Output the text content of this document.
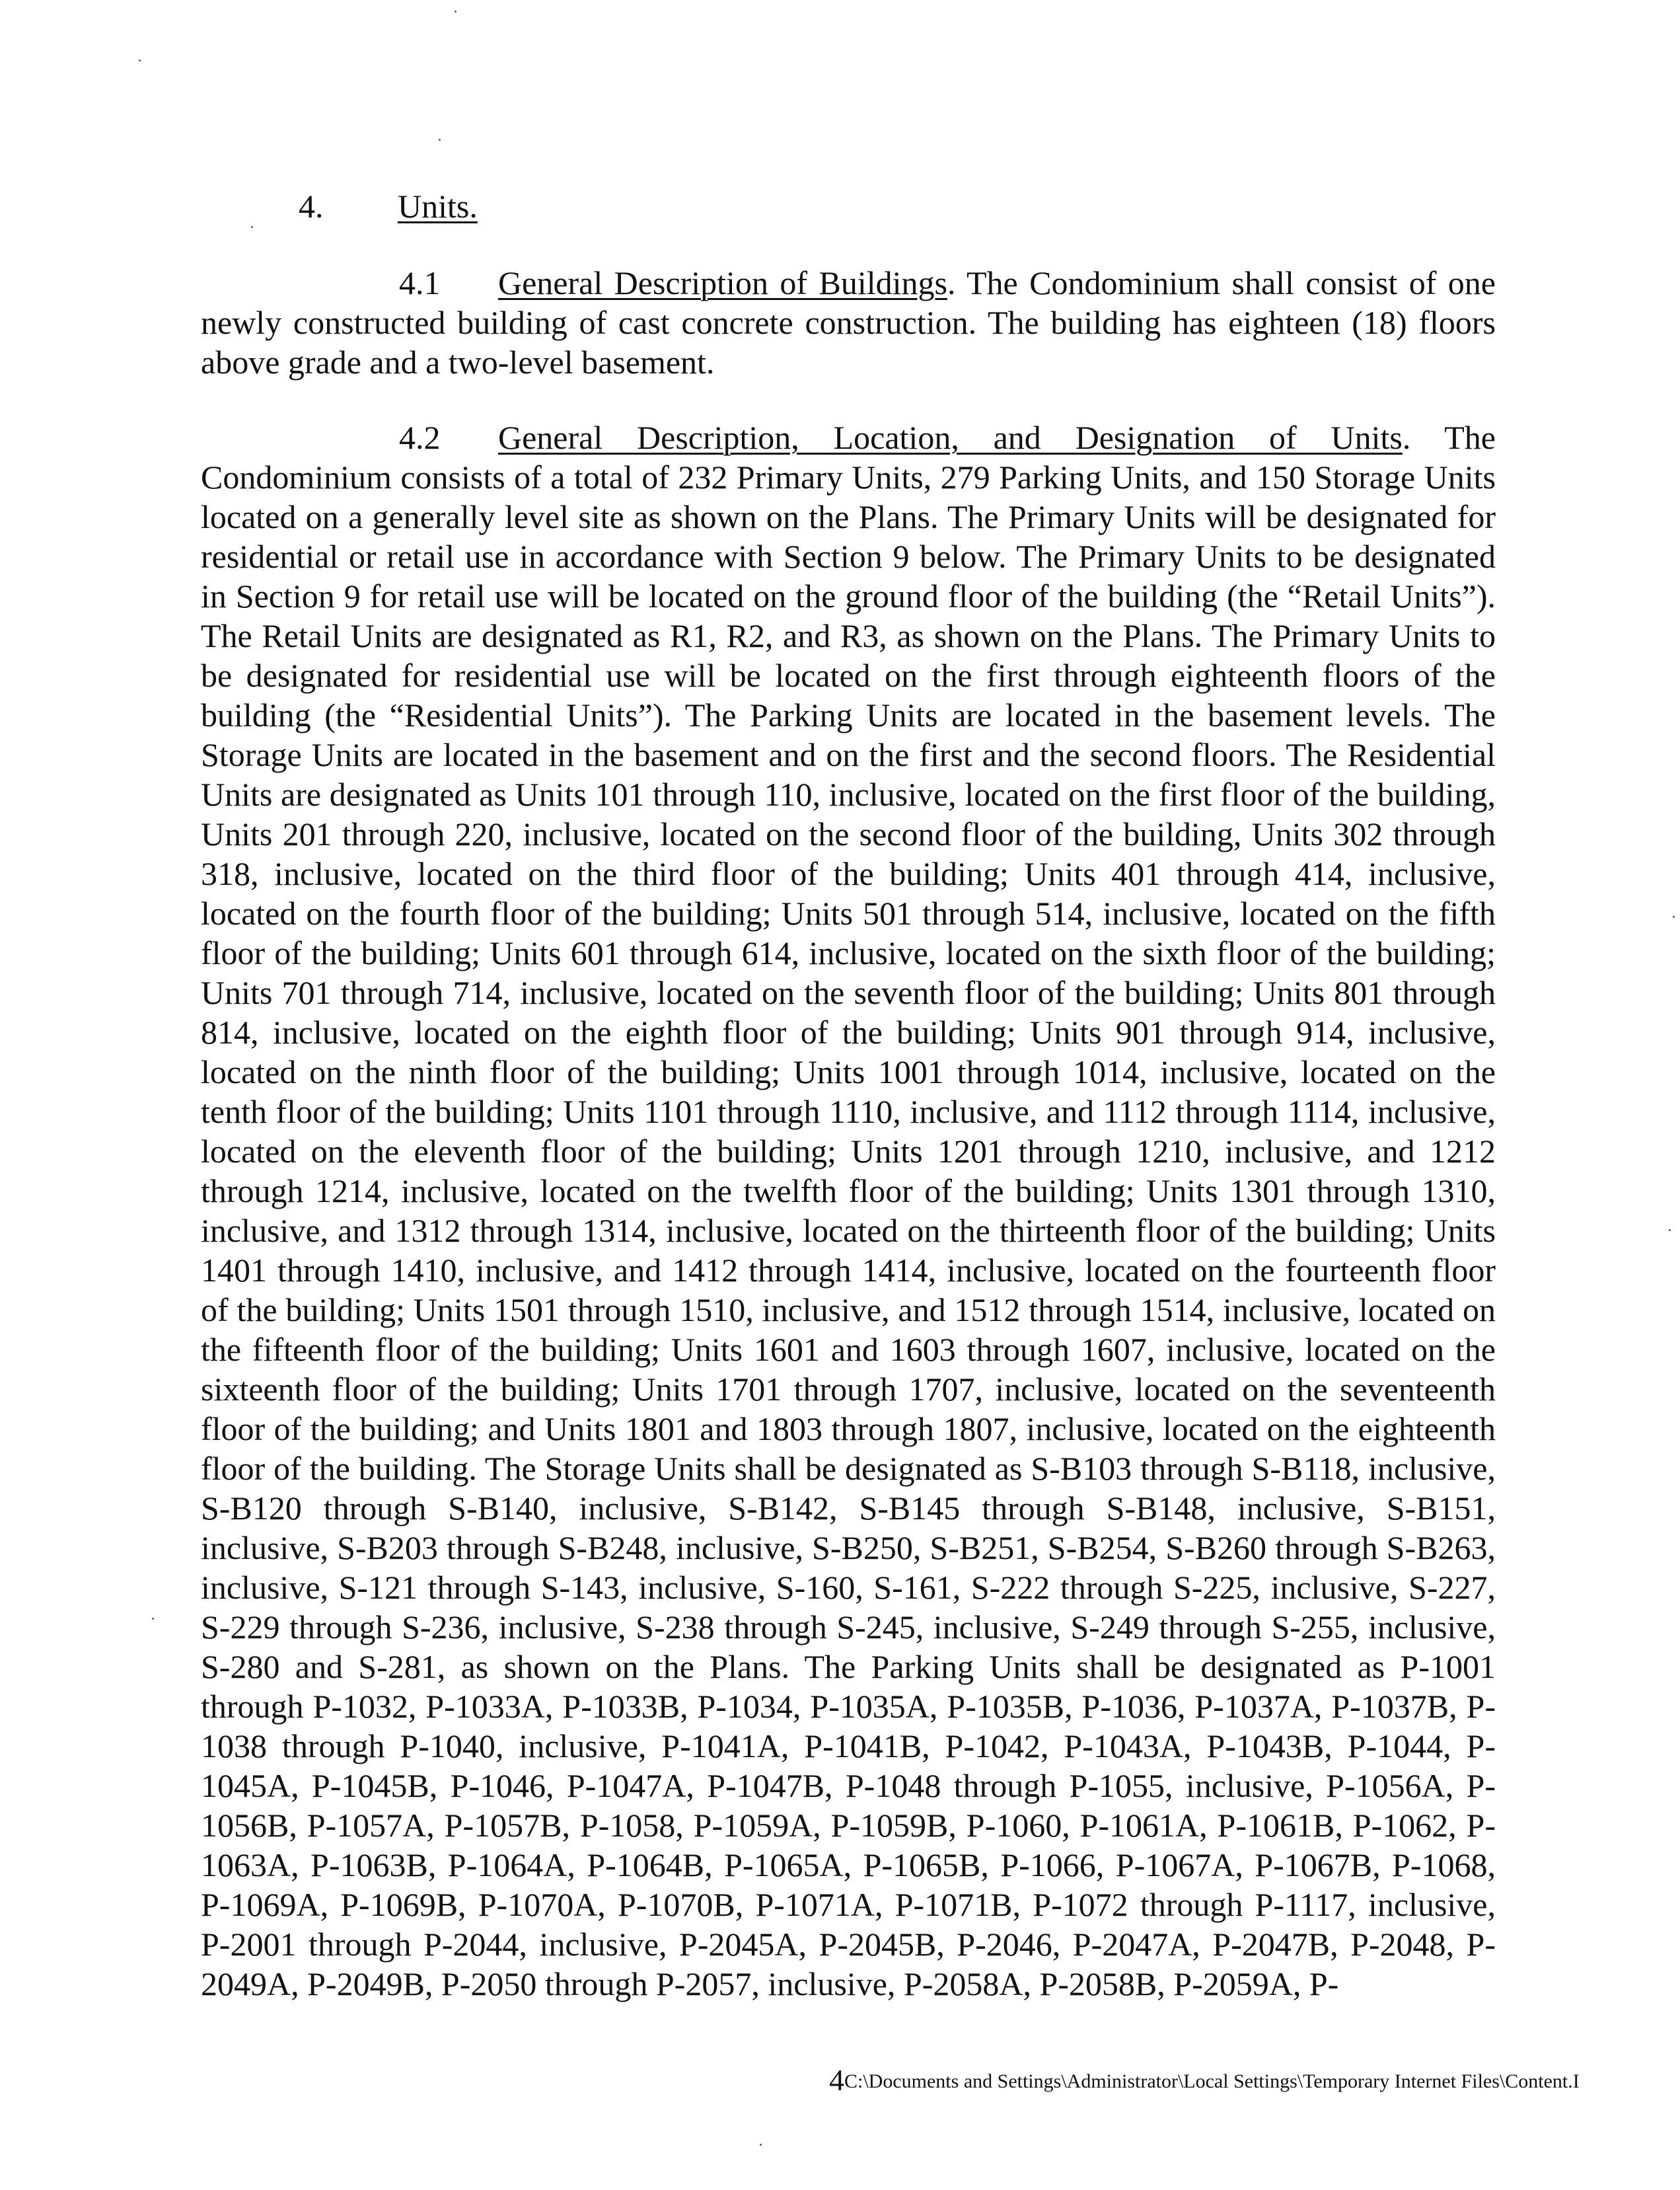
4. Units.

4.1 General Description of Buildings. The Condominium shall consist of one newly constructed building of cast concrete construction. The building has eighteen (18) floors above grade and a two-level basement.

4.2 General Description, Location, and Designation of Units. The Condominium consists of a total of 232 Primary Units, 279 Parking Units, and 150 Storage Units located on a generally level site as shown on the Plans. The Primary Units will be designated for residential or retail use in accordance with Section 9 below. The Primary Units to be designated in Section 9 for retail use will be located on the ground floor of the building (the “Retail Units”). The Retail Units are designated as R1, R2, and R3, as shown on the Plans. The Primary Units to be designated for residential use will be located on the first through eighteenth floors of the building (the “Residential Units”). The Parking Units are located in the basement levels. The Storage Units are located in the basement and on the first and the second floors. The Residential Units are designated as Units 101 through 110, inclusive, located on the first floor of the building, Units 201 through 220, inclusive, located on the second floor of the building, Units 302 through 318, inclusive, located on the third floor of the building; Units 401 through 414, inclusive, located on the fourth floor of the building; Units 501 through 514, inclusive, located on the fifth floor of the building; Units 601 through 614, inclusive, located on the sixth floor of the building; Units 701 through 714, inclusive, located on the seventh floor of the building; Units 801 through 814, inclusive, located on the eighth floor of the building; Units 901 through 914, inclusive, located on the ninth floor of the building; Units 1001 through 1014, inclusive, located on the tenth floor of the building; Units 1101 through 1110, inclusive, and 1112 through 1114, inclusive, located on the eleventh floor of the building; Units 1201 through 1210, inclusive, and 1212 through 1214, inclusive, located on the twelfth floor of the building; Units 1301 through 1310, inclusive, and 1312 through 1314, inclusive, located on the thirteenth floor of the building; Units 1401 through 1410, inclusive, and 1412 through 1414, inclusive, located on the fourteenth floor of the building; Units 1501 through 1510, inclusive, and 1512 through 1514, inclusive, located on the fifteenth floor of the building; Units 1601 and 1603 through 1607, inclusive, located on the sixteenth floor of the building; Units 1701 through 1707, inclusive, located on the seventeenth floor of the building; and Units 1801 and 1803 through 1807, inclusive, located on the eighteenth floor of the building. The Storage Units shall be designated as S-B103 through S-B118, inclusive, S-B120 through S-B140, inclusive, S-B142, S-B145 through S-B148, inclusive, S-B151, inclusive, S-B203 through S-B248, inclusive, S-B250, S-B251, S-B254, S-B260 through S-B263, inclusive, S-121 through S-143, inclusive, S-160, S-161, S-222 through S-225, inclusive, S-227, S-229 through S-236, inclusive, S-238 through S-245, inclusive, S-249 through S-255, inclusive, S-280 and S-281, as shown on the Plans. The Parking Units shall be designated as P-1001 through P-1032, P-1033A, P-1033B, P-1034, P-1035A, P-1035B, P-1036, P-1037A, P-1037B, P-1038 through P-1040, inclusive, P-1041A, P-1041B, P-1042, P-1043A, P-1043B, P-1044, P-1045A, P-1045B, P-1046, P-1047A, P-1047B, P-1048 through P-1055, inclusive, P-1056A, P-1056B, P-1057A, P-1057B, P-1058, P-1059A, P-1059B, P-1060, P-1061A, P-1061B, P-1062, P-1063A, P-1063B, P-1064A, P-1064B, P-1065A, P-1065B, P-1066, P-1067A, P-1067B, P-1068, P-1069A, P-1069B, P-1070A, P-1070B, P-1071A, P-1071B, P-1072 through P-1117, inclusive, P-2001 through P-2044, inclusive, P-2045A, P-2045B, P-2046, P-2047A, P-2047B, P-2048, P-2049A, P-2049B, P-2050 through P-2057, inclusive, P-2058A, P-2058B, P-2059A, P-

4C:\Documents and Settings\Administrator\Local Settings\Temporary Internet Files\Content.I
